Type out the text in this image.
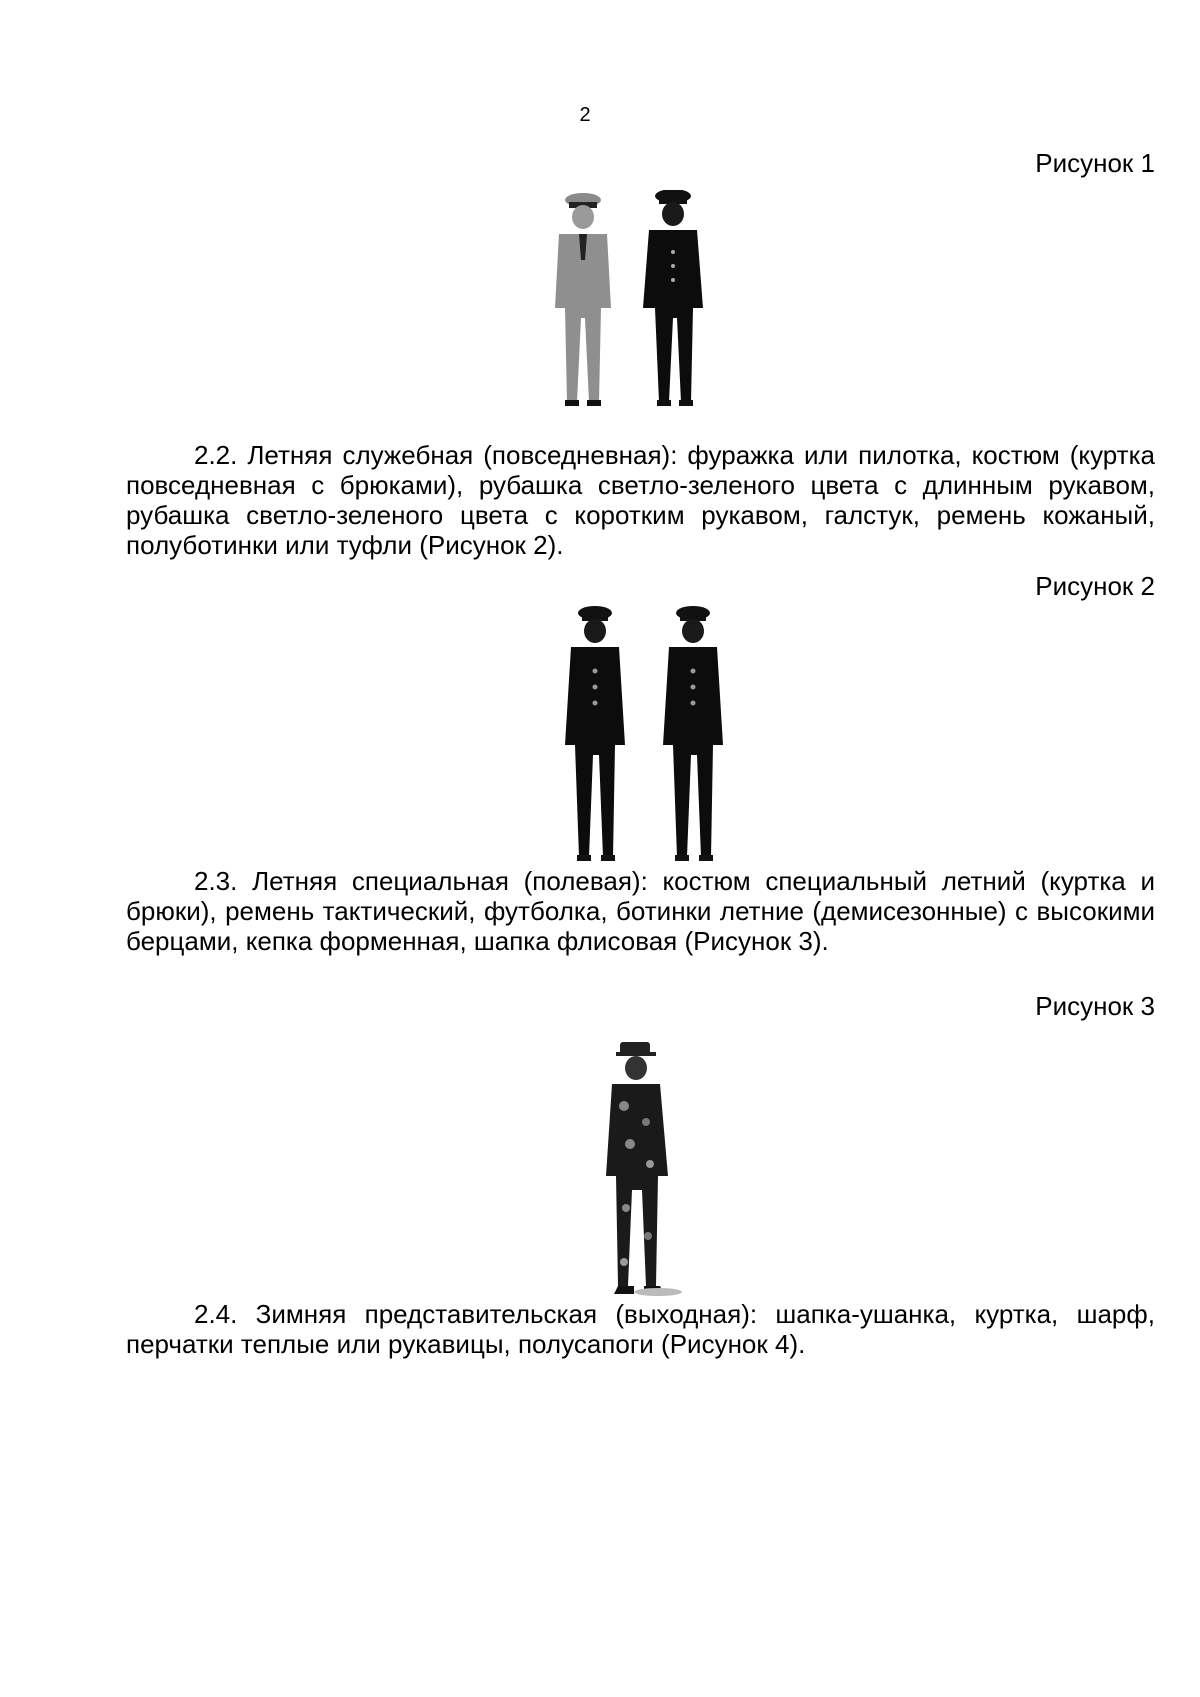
2
Рисунок 1

2.2. Летняя служебная (повседневная): фуражка или пилотка, костюм (куртка повседневная с брюками), рубашка светло-зеленого цвета с длинным рукавом, рубашка светло-зеленого цвета с коротким рукавом, галстук, ремень кожаный, полуботинки или туфли (Рисунок 2).

Рисунок 2

2.3. Летняя специальная (полевая): костюм специальный летний (куртка и брюки), ремень тактический, футболка, ботинки летние (демисезонные) с высокими берцами, кепка форменная, шапка флисовая (Рисунок 3).

Рисунок 3

2.4. Зимняя представительская (выходная): шапка-ушанка, куртка, шарф, перчатки теплые или рукавицы, полусапоги (Рисунок 4).
